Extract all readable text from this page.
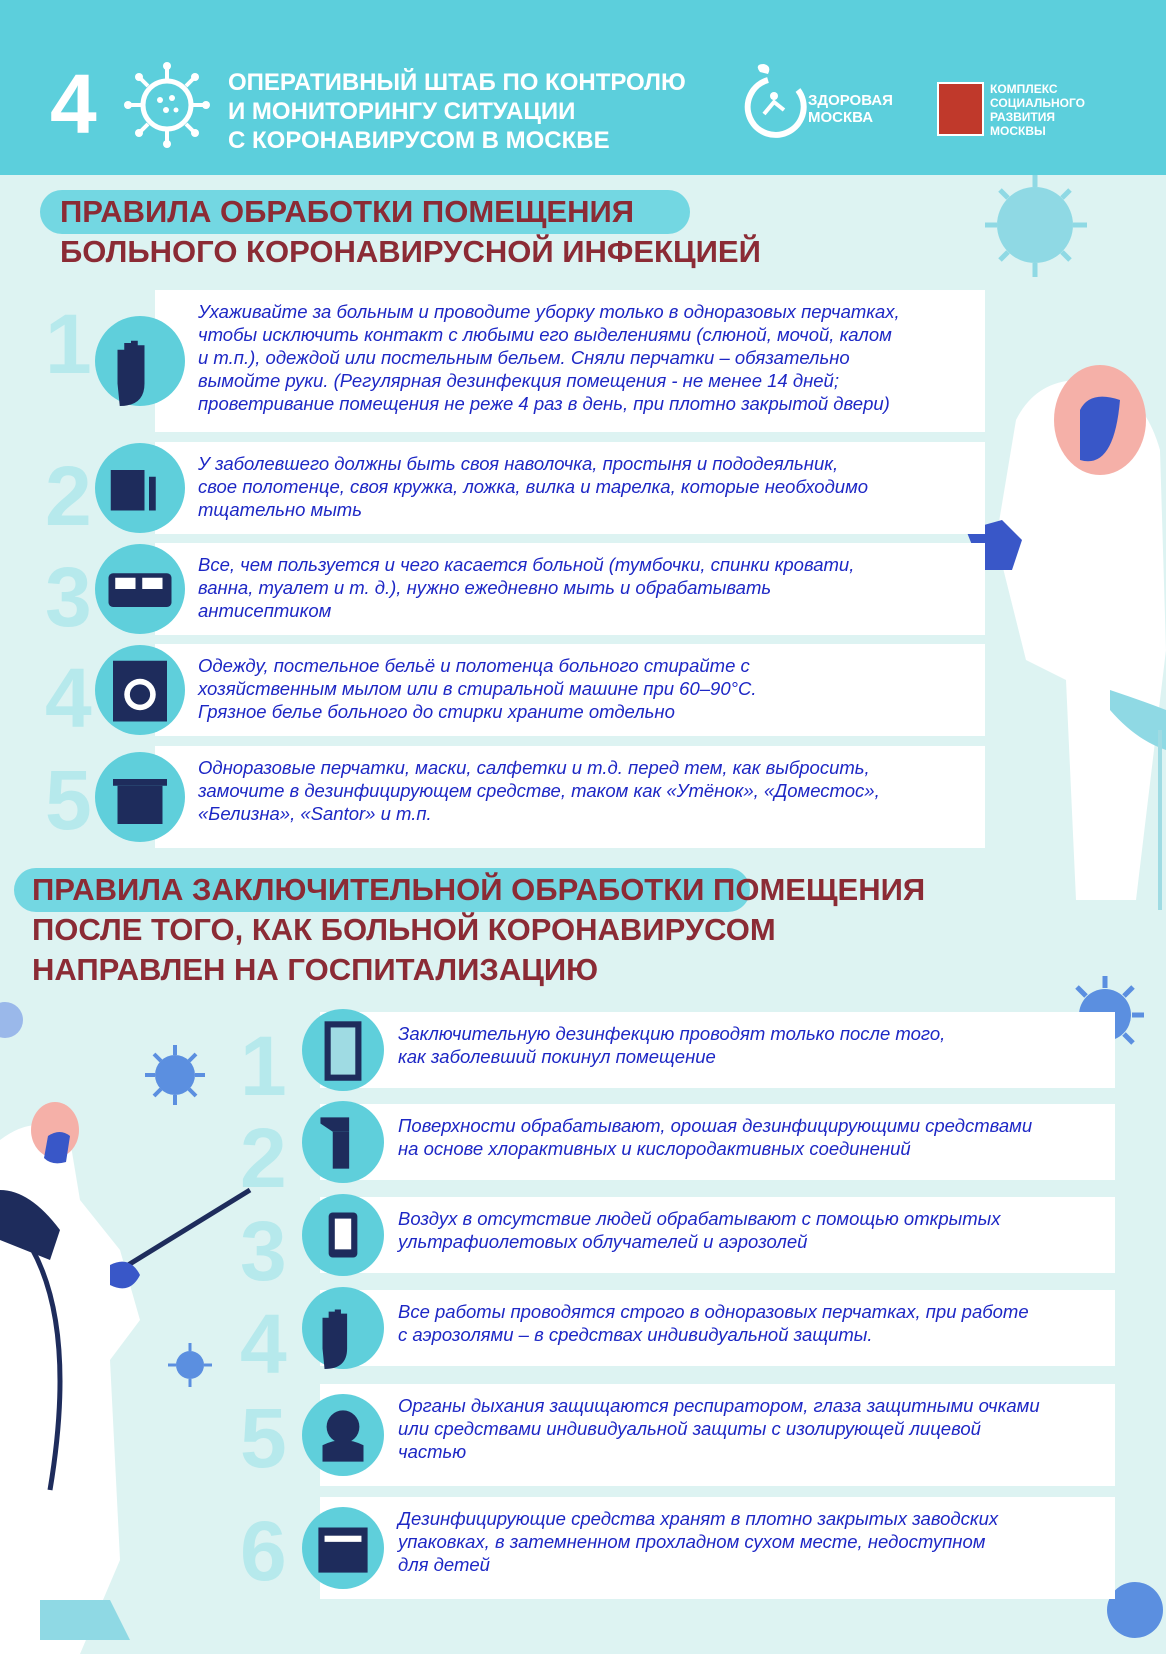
4	ОПЕРАТИВНЫЙ ШТАБ ПО КОНТРОЛЮ
И МОНИТОРИНГУ СИТУАЦИИ
С КОРОНАВИРУСОМ В МОСКВЕ
ЗДОРОВАЯ
МОСКВА
КОМПЛЕКС
СОЦИАЛЬНОГО
РАЗВИТИЯ
МОСКВЫ
ПРАВИЛА ОБРАБОТКИ ПОМЕЩЕНИЯ
БОЛЬНОГО КОРОНАВИРУСНОЙ ИНФЕКЦИЕЙ
ПРАВИЛА ЗАКЛЮЧИТЕЛЬНОЙ ОБРАБОТКИ ПОМЕЩЕНИЯ
ПОСЛЕ ТОГО, КАК БОЛЬНОЙ КОРОНАВИРУСОМ
НАПРАВЛЕН НА ГОСПИТАЛИЗАЦИЮ
1	Ухаживайте за больным и проводите уборку только в одноразовых перчатках,
чтобы исключить контакт с любыми его выделениями (слюной, мочой, калом
и т.п.), одеждой или постельным бельем. Сняли перчатки – обязательно
вымойте руки. (Регулярная дезинфекция помещения - не менее 14 дней;
проветривание помещения не реже 4 раз в день, при плотно закрытой двери)
2	У заболевшего должны быть своя наволочка, простыня и пододеяльник,
свое полотенце, своя кружка, ложка, вилка и тарелка, которые необходимо
тщательно мыть
3	Все, чем пользуется и чего касается больной (тумбочки, спинки кровати,
ванна, туалет и т. д.), нужно ежедневно мыть и обрабатывать
антисептиком
4	Одежду, постельное бельё и полотенца больного стирайте с
хозяйственным мылом или в стиральной машине при 60–90°С.
Грязное белье больного до стирки храните отдельно
5	Одноразовые перчатки, маски, салфетки и т.д. перед тем, как выбросить,
замочите в дезинфицирующем средстве, таком как «Утёнок», «Доместос»,
«Белизна», «Santor» и т.п.
1	Заключительную дезинфекцию проводят только после того,
как заболевший покинул помещение
2	Поверхности обрабатывают, орошая дезинфицирующими средствами
на основе хлорактивных и кислородактивных соединений
3	Воздух в отсутствие людей обрабатывают с помощью открытых
ультрафиолетовых облучателей и аэрозолей
4	Все работы проводятся строго в одноразовых перчатках, при работе
с аэрозолями – в средствах индивидуальной защиты.
5	Органы дыхания защищаются респиратором, глаза защитными очками
или средствами индивидуальной защиты с изолирующей лицевой
частью
6	Дезинфицирующие средства хранят в плотно закрытых заводских
упаковках, в затемненном прохладном сухом месте, недоступном
для детей
